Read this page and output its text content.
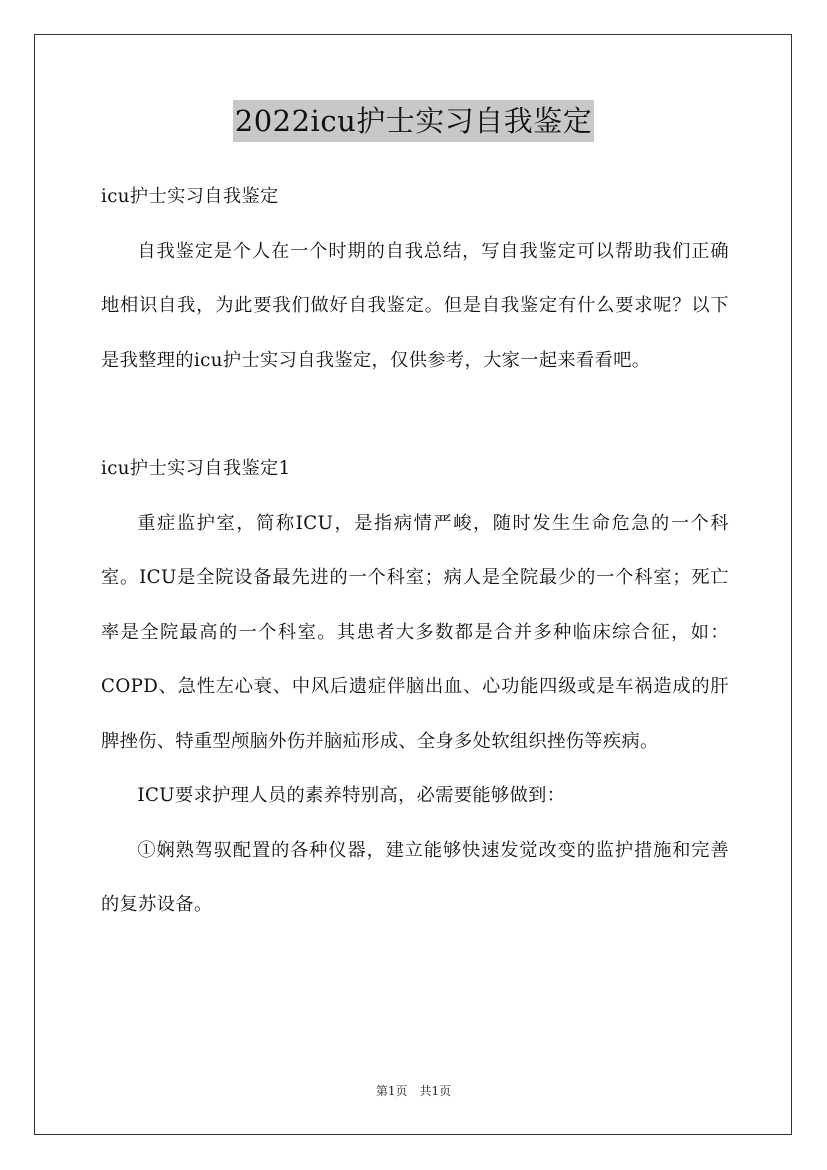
2022icu护士实习自我鉴定

icu护士实习自我鉴定

自我鉴定是个人在一个时期的自我总结，写自我鉴定可以帮助我们正确地相识自我，为此要我们做好自我鉴定。但是自我鉴定有什么要求呢？以下是我整理的icu护士实习自我鉴定，仅供参考，大家一起来看看吧。

icu护士实习自我鉴定1

重症监护室，简称ICU，是指病情严峻，随时发生生命危急的一个科室。ICU是全院设备最先进的一个科室；病人是全院最少的一个科室；死亡率是全院最高的一个科室。其患者大多数都是合并多种临床综合征，如：COPD、急性左心衰、中风后遗症伴脑出血、心功能四级或是车祸造成的肝脾挫伤、特重型颅脑外伤并脑疝形成、全身多处软组织挫伤等疾病。

ICU要求护理人员的素养特别高，必需要能够做到：

①娴熟驾驭配置的各种仪器，建立能够快速发觉改变的监护措施和完善的复苏设备。

第1页　共1页
